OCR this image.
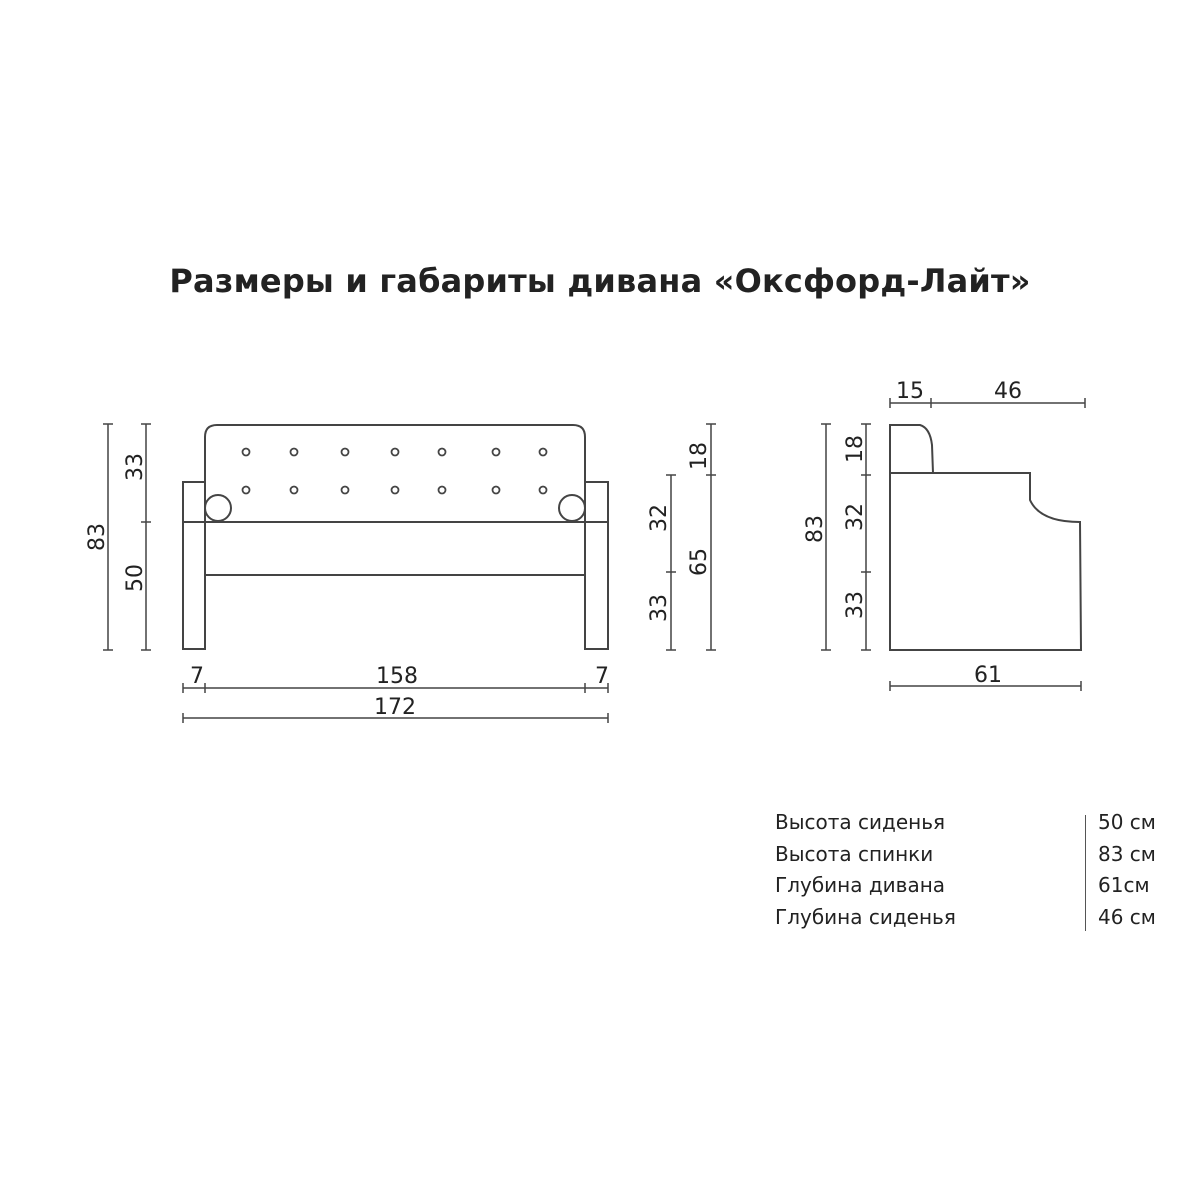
Размеры и габариты дивана «Оксфорд-Лайт»
83
33
50
32
33
18
65
7	158	7
172
15	46
83
18
32
33
61
Высота сиденья	50 см
Высота спинки	83 см
Глубина дивана	61см
Глубина сиденья	46 см
